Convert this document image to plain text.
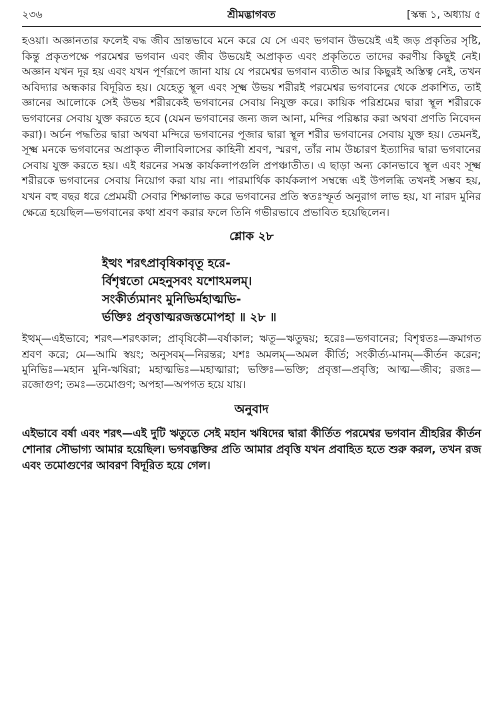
২৩৬	শ্রীমদ্ভাগবত	[স্কন্ধ ১, অধ্যায় ৫

হওয়া। অজ্ঞানতার ফলেই বদ্ধ জীব ভ্রান্তভাবে মনে করে যে সে এবং ভগবান উভয়েই এই জড় প্রকৃতির সৃষ্টি, কিন্তু প্রকৃতপক্ষে পরমেশ্বর ভগবান এবং জীব উভয়েই অপ্রাকৃত এবং প্রকৃতিতে তাদের করণীয় কিছুই নেই। অজ্ঞান যখন দূর হয় এবং যখন পূর্ণরূপে জানা যায় যে পরমেশ্বর ভগবান ব্যতীত আর কিছুরই অস্তিত্ব নেই, তখন অবিদ্যার অন্ধকার বিদূরিত হয়। যেহেতু স্থূল এবং সূক্ষ্ম উভয় শরীরই পরমেশ্বর ভগবানের থেকে প্রকাশিত, তাই জ্ঞানের আলোকে সেই উভয় শরীরকেই ভগবানের সেবায় নিযুক্ত করে। কায়িক পরিশ্রমের দ্বারা স্থূল শরীরকে ভগবানের সেবায় যুক্ত করতে হবে (যেমন ভগবানের জন্য জল আনা, মন্দির পরিষ্কার করা অথবা প্রণতি নিবেদন করা)। অর্চন পদ্ধতির দ্বারা অথবা মন্দিরে ভগবানের পূজার দ্বারা স্থূল শরীর ভগবানের সেবায় যুক্ত হয়। তেমনই, সূক্ষ্ম মনকে ভগবানের অপ্রাকৃত লীলাবিলাসের কাহিনী শ্রবণ, স্মরণ, তাঁর নাম উচ্চারণ ইত্যাদির দ্বারা ভগবানের সেবায় যুক্ত করতে হয়। এই ধরনের সমস্ত কার্যকলাপগুলি প্রপঞ্চাতীত। এ ছাড়া অন্য কোনভাবে স্থূল এবং সূক্ষ্ম শরীরকে ভগবানের সেবায় নিয়োগ করা যায় না। পারমার্থিক কার্যকলাপ সম্বন্ধে এই উপলব্ধি তখনই সম্ভব হয়, যখন বহু বছর ধরে প্রেমময়ী সেবার শিক্ষালাভ করে ভগবানের প্রতি স্বতঃস্ফূর্ত অনুরাগ লাভ হয়, যা নারদ মুনির ক্ষেত্রে হয়েছিল—ভগবানের কথা শ্রবণ করার ফলে তিনি গভীরভাবে প্রভাবিত হয়েছিলেন।

শ্লোক ২৮
ইত্থং শরৎপ্রাবৃষিকাবৃতূ হরে-
র্বিশৃণ্বতো মেহনুসবং যশোঽমলম্।
সংকীর্ত্যমানং মুনিভির্মহাত্মভি-
র্ভক্তিঃ প্রবৃত্তাত্মরজস্তমোপহা ॥ ২৮ ॥

ইত্থম্—এইভাবে; শরৎ—শরৎকাল; প্রাবৃষিকৌ—বর্ষাকাল; ঋতূ—ঋতুদ্বয়; হরেঃ—ভগবানের; বিশৃণ্বতঃ—ক্রমাগত শ্রবণ করে; মে—আমি স্বয়ং; অনুসবম্—নিরন্তর; যশঃ অমলম্—অমল কীর্তি; সংকীর্ত্য-মানম্—কীর্তন করেন; মুনিভিঃ—মহান মুনি-ঋষিরা; মহাত্মভিঃ—মহাত্মারা; ভক্তিঃ—ভক্তি; প্রবৃত্তা—প্রবৃত্তি; আত্ম—জীব; রজঃ—রজোগুণ; তমঃ—তমোগুণ; অপহা—অপগত হয়ে যায়।

অনুবাদ

এইভাবে বর্ষা এবং শরৎ—এই দুটি ঋতুতে সেই মহান ঋষিদের দ্বারা কীর্তিত পরমেশ্বর ভগবান শ্রীহরির কীর্তন শোনার সৌভাগ্য আমার হয়েছিল। ভগবদ্ভক্তির প্রতি আমার প্রবৃত্তি যখন প্রবাহিত হতে শুরু করল, তখন রজ এবং তমোগুণের আবরণ বিদূরিত হয়ে গেল।
